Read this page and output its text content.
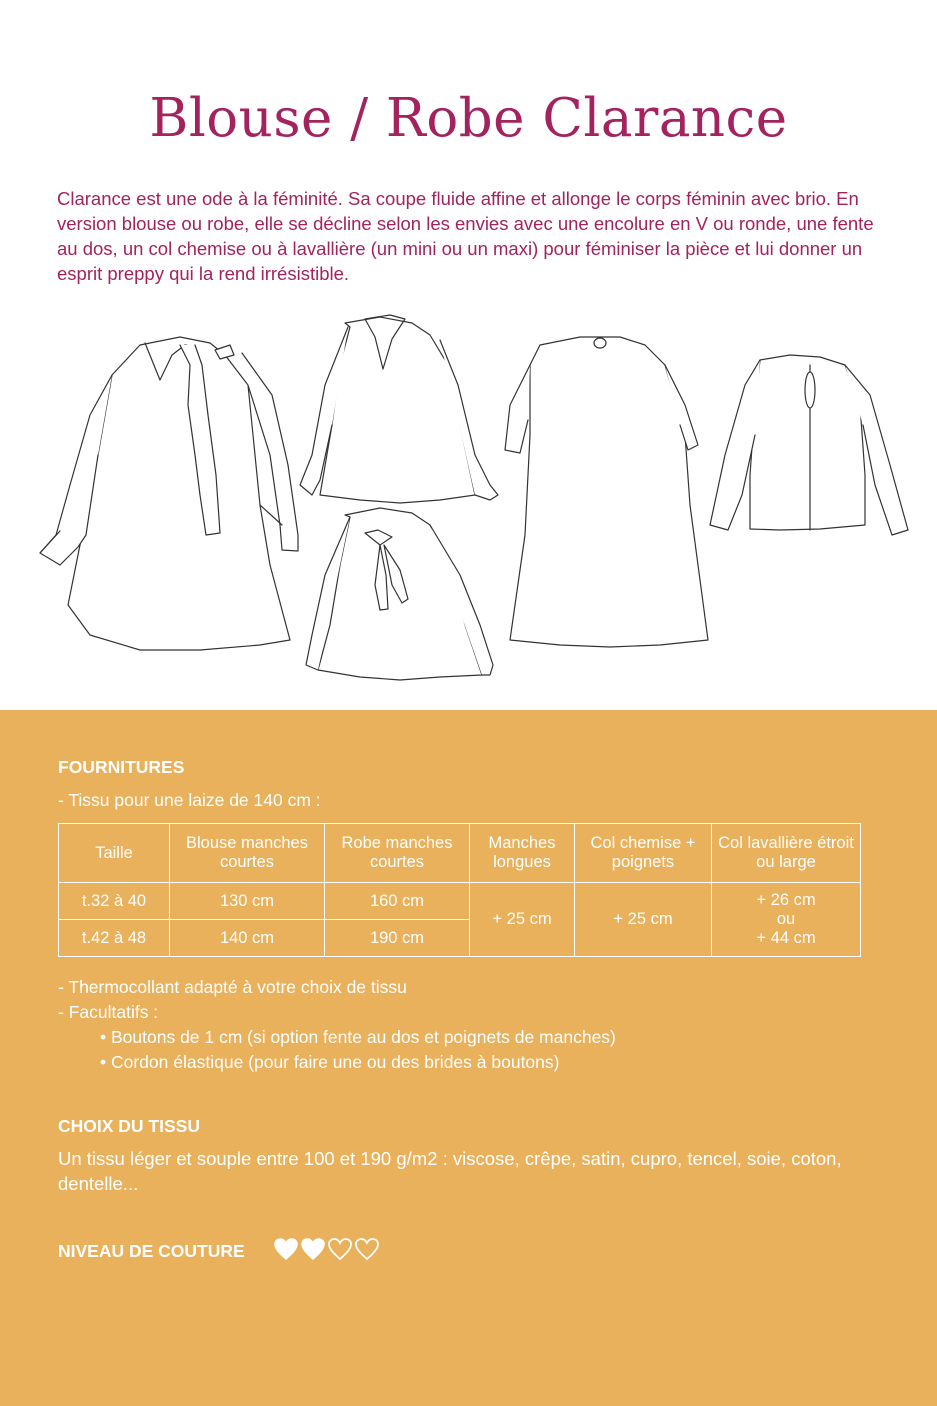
Blouse / Robe Clarance

Clarance est une ode à la féminité. Sa coupe fluide affine et allonge le corps féminin avec brio. En version blouse ou robe, elle se décline selon les envies avec une encolure en V ou ronde, une fente au dos, un col chemise ou à lavallière (un mini ou un maxi) pour féminiser la pièce et lui donner un esprit preppy qui la rend irrésistible.

FOURNITURES

- Tissu pour une laize de 140 cm :

Taille	Blouse manches courtes	Robe manches courtes	Manches longues	Col chemise + poignets	Col lavallière étroit ou large
t.32 à 40	130 cm	160 cm	+ 25 cm	+ 25 cm	+ 26 cm
ou
+ 44 cm

t.42 à 48	140 cm	190 cm			

- Thermocollant adapté à votre choix de tissu

- Facultatifs :

• Boutons de 1 cm (si option fente au dos et poignets de manches)

• Cordon élastique (pour faire une ou des brides à boutons)

CHOIX DU TISSU

Un tissu léger et souple entre 100 et 190 g/m2 : viscose, crêpe, satin, cupro, tencel, soie, coton, dentelle...

NIVEAU DE COUTURE
